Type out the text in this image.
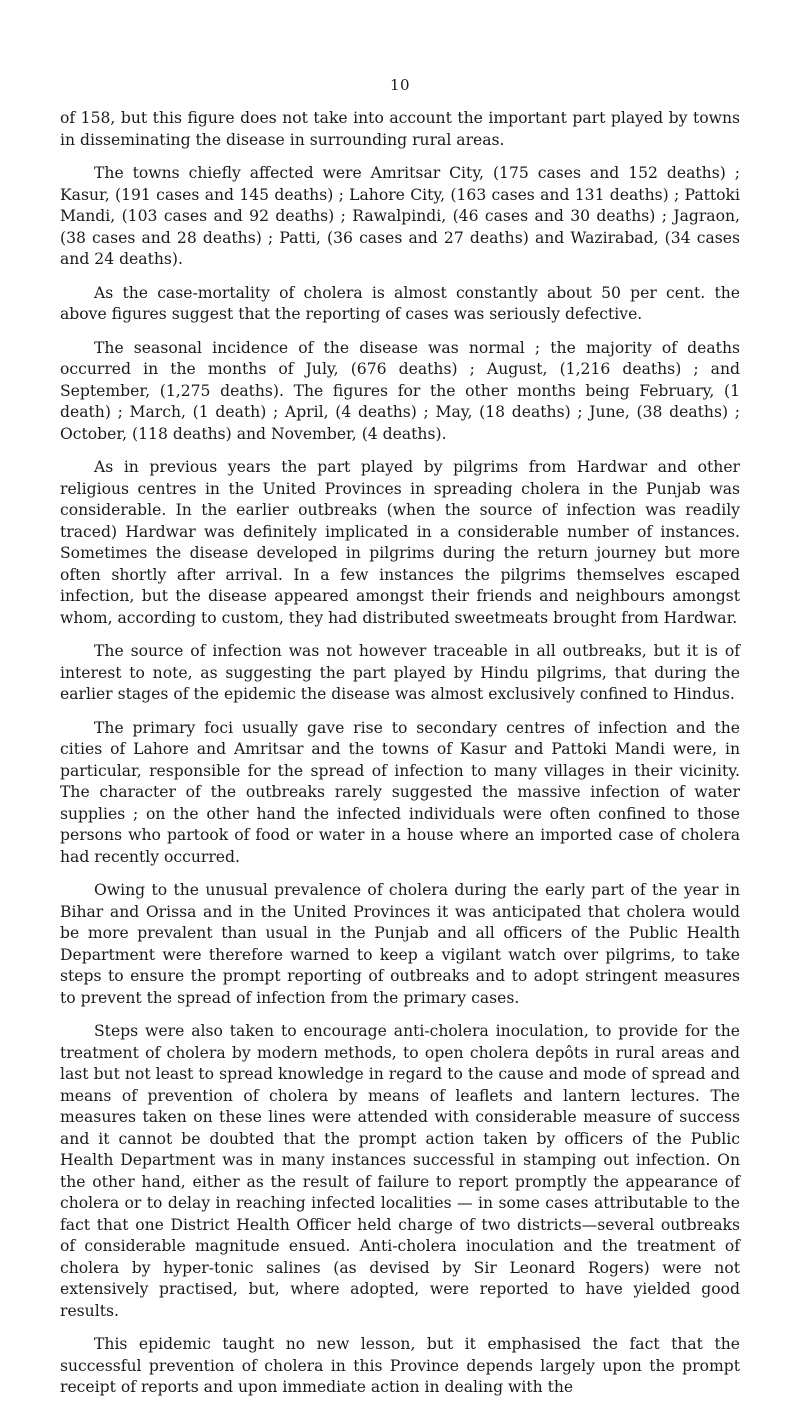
10

of 158, but this figure does not take into account the important part played by towns in disseminating the disease in surrounding rural areas.

The towns chiefly affected were Amritsar City, (175 cases and 152 deaths) ; Kasur, (191 cases and 145 deaths) ; Lahore City, (163 cases and 131 deaths) ; Pattoki Mandi, (103 cases and 92 deaths) ; Rawalpindi, (46 cases and 30 deaths) ; Jagraon, (38 cases and 28 deaths) ; Patti, (36 cases and 27 deaths) and Wazirabad, (34 cases and 24 deaths).

As the case-mortality of cholera is almost constantly about 50 per cent. the above figures suggest that the reporting of cases was seriously defective.

The seasonal incidence of the disease was normal ; the majority of deaths occurred in the months of July, (676 deaths) ; August, (1,216 deaths) ; and September, (1,275 deaths). The figures for the other months being February, (1 death) ; March, (1 death) ; April, (4 deaths) ; May, (18 deaths) ; June, (38 deaths) ; October, (118 deaths) and November, (4 deaths).

As in previous years the part played by pilgrims from Hardwar and other religious centres in the United Provinces in spreading cholera in the Punjab was considerable. In the earlier outbreaks (when the source of infection was readily traced) Hardwar was definitely implicated in a considerable number of instances. Sometimes the disease developed in pilgrims during the return journey but more often shortly after arrival. In a few instances the pilgrims themselves escaped infection, but the disease appeared amongst their friends and neighbours amongst whom, according to custom, they had distributed sweetmeats brought from Hardwar.

The source of infection was not however traceable in all outbreaks, but it is of interest to note, as suggesting the part played by Hindu pilgrims, that during the earlier stages of the epidemic the disease was almost exclusively confined to Hindus.

The primary foci usually gave rise to secondary centres of infection and the cities of Lahore and Amritsar and the towns of Kasur and Pattoki Mandi were, in particular, responsible for the spread of infection to many villages in their vicinity. The character of the outbreaks rarely suggested the massive infection of water supplies ; on the other hand the infected individuals were often confined to those persons who partook of food or water in a house where an imported case of cholera had recently occurred.

Owing to the unusual prevalence of cholera during the early part of the year in Bihar and Orissa and in the United Provinces it was anticipated that cholera would be more prevalent than usual in the Punjab and all officers of the Public Health Department were therefore warned to keep a vigilant watch over pilgrims, to take steps to ensure the prompt reporting of outbreaks and to adopt stringent measures to prevent the spread of infection from the primary cases.

Steps were also taken to encourage anti-cholera inoculation, to provide for the treatment of cholera by modern methods, to open cholera depôts in rural areas and last but not least to spread knowledge in regard to the cause and mode of spread and means of prevention of cholera by means of leaflets and lantern lectures. The measures taken on these lines were attended with considerable measure of success and it cannot be doubted that the prompt action taken by officers of the Public Health Department was in many instances successful in stamping out infection. On the other hand, either as the result of failure to report promptly the appearance of cholera or to delay in reaching infected localities — in some cases attributable to the fact that one District Health Officer held charge of two districts—several outbreaks of considerable magnitude ensued. Anti-cholera inoculation and the treatment of cholera by hyper-tonic salines (as devised by Sir Leonard Rogers) were not extensively practised, but, where adopted, were reported to have yielded good results.

This epidemic taught no new lesson, but it emphasised the fact that the successful prevention of cholera in this Province depends largely upon the prompt receipt of reports and upon immediate action in dealing with the
